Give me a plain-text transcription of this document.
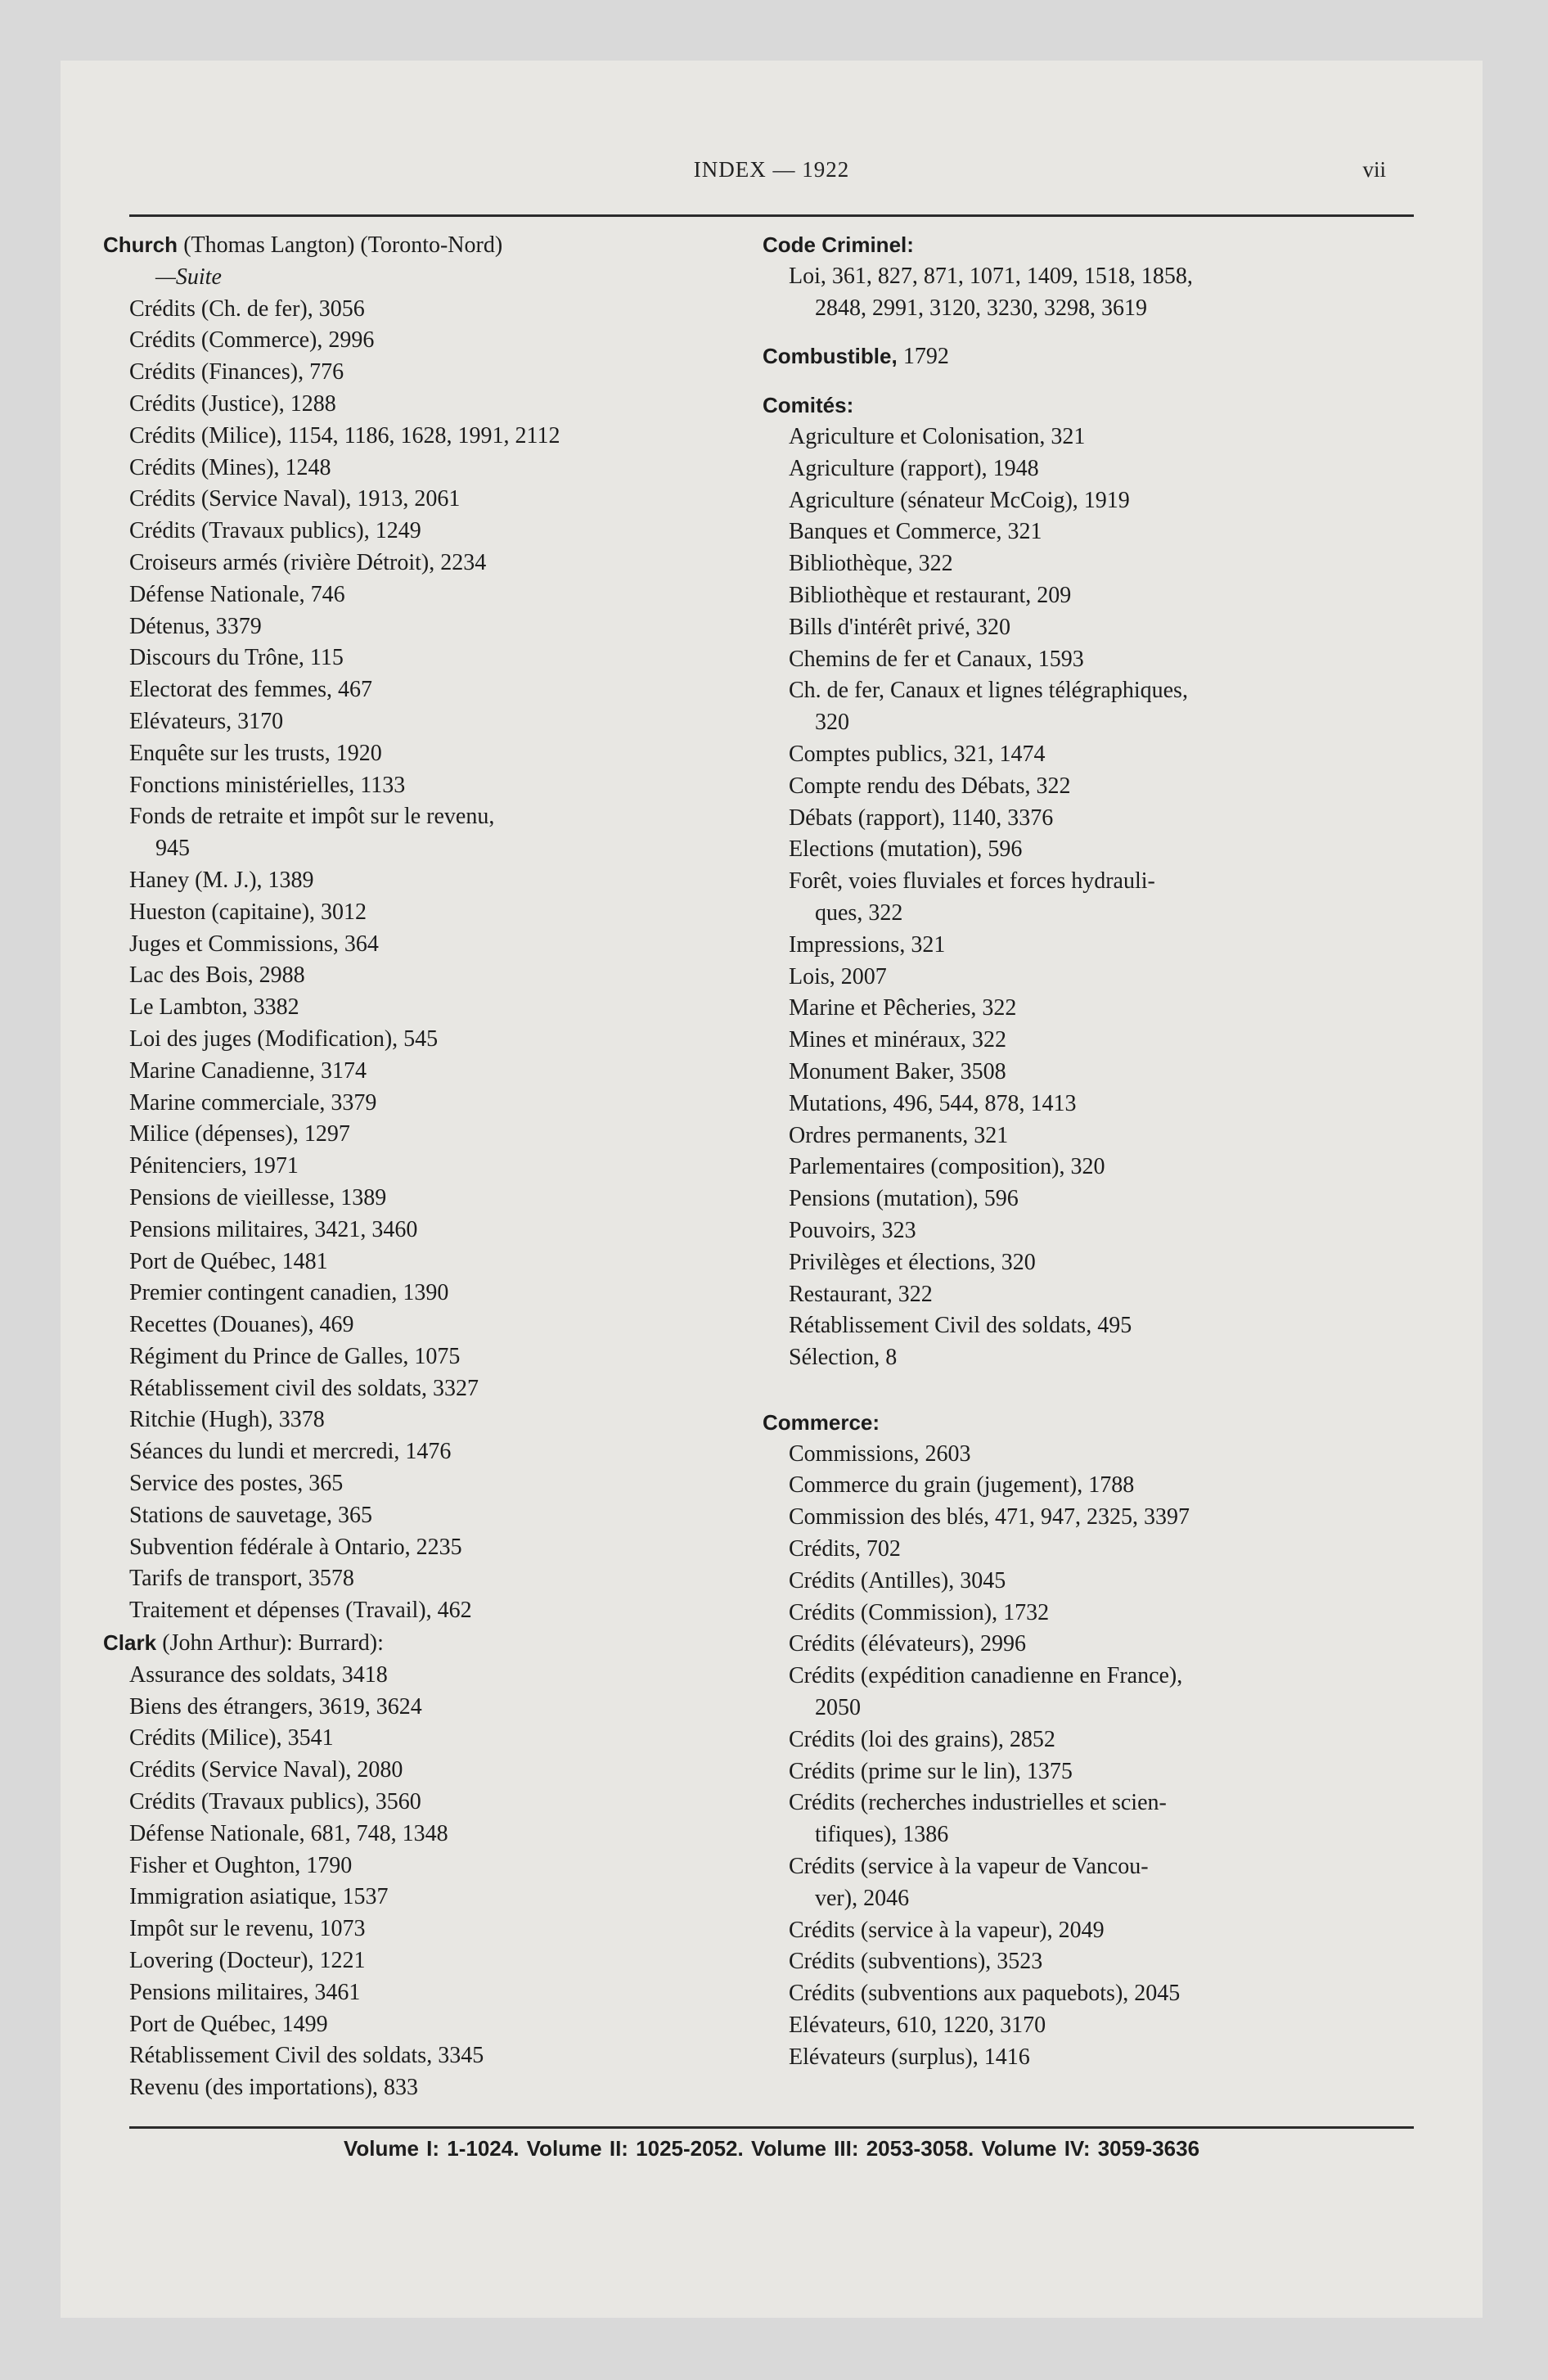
INDEX — 1922	vii
Church (Thomas Langton) (Toronto-Nord)
—Suite
Crédits (Ch. de fer), 3056
Crédits (Commerce), 2996
Crédits (Finances), 776
Crédits (Justice), 1288
Crédits (Milice), 1154, 1186, 1628, 1991, 2112
Crédits (Mines), 1248
Crédits (Service Naval), 1913, 2061
Crédits (Travaux publics), 1249
Croiseurs armés (rivière Détroit), 2234
Défense Nationale, 746
Détenus, 3379
Discours du Trône, 115
Electorat des femmes, 467
Elévateurs, 3170
Enquête sur les trusts, 1920
Fonctions ministérielles, 1133
Fonds de retraite et impôt sur le revenu,
945
Haney (M. J.), 1389
Hueston (capitaine), 3012
Juges et Commissions, 364
Lac des Bois, 2988
Le Lambton, 3382
Loi des juges (Modification), 545
Marine Canadienne, 3174
Marine commerciale, 3379
Milice (dépenses), 1297
Pénitenciers, 1971
Pensions de vieillesse, 1389
Pensions militaires, 3421, 3460
Port de Québec, 1481
Premier contingent canadien, 1390
Recettes (Douanes), 469
Régiment du Prince de Galles, 1075
Rétablissement civil des soldats, 3327
Ritchie (Hugh), 3378
Séances du lundi et mercredi, 1476
Service des postes, 365
Stations de sauvetage, 365
Subvention fédérale à Ontario, 2235
Tarifs de transport, 3578
Traitement et dépenses (Travail), 462
Clark (John Arthur): Burrard):
Assurance des soldats, 3418
Biens des étrangers, 3619, 3624
Crédits (Milice), 3541
Crédits (Service Naval), 2080
Crédits (Travaux publics), 3560
Défense Nationale, 681, 748, 1348
Fisher et Oughton, 1790
Immigration asiatique, 1537
Impôt sur le revenu, 1073
Lovering (Docteur), 1221
Pensions militaires, 3461
Port de Québec, 1499
Rétablissement Civil des soldats, 3345
Revenu (des importations), 833
Code Criminel:
Loi, 361, 827, 871, 1071, 1409, 1518, 1858,
2848, 2991, 3120, 3230, 3298, 3619
Combustible, 1792
Comités:
Agriculture et Colonisation, 321
Agriculture (rapport), 1948
Agriculture (sénateur McCoig), 1919
Banques et Commerce, 321
Bibliothèque, 322
Bibliothèque et restaurant, 209
Bills d'intérêt privé, 320
Chemins de fer et Canaux, 1593
Ch. de fer, Canaux et lignes télégraphiques,
320
Comptes publics, 321, 1474
Compte rendu des Débats, 322
Débats (rapport), 1140, 3376
Elections (mutation), 596
Forêt, voies fluviales et forces hydrauli-
ques, 322
Impressions, 321
Lois, 2007
Marine et Pêcheries, 322
Mines et minéraux, 322
Monument Baker, 3508
Mutations, 496, 544, 878, 1413
Ordres permanents, 321
Parlementaires (composition), 320
Pensions (mutation), 596
Pouvoirs, 323
Privilèges et élections, 320
Restaurant, 322
Rétablissement Civil des soldats, 495
Sélection, 8
Commerce:
Commissions, 2603
Commerce du grain (jugement), 1788
Commission des blés, 471, 947, 2325, 3397
Crédits, 702
Crédits (Antilles), 3045
Crédits (Commission), 1732
Crédits (élévateurs), 2996
Crédits (expédition canadienne en France),
2050
Crédits (loi des grains), 2852
Crédits (prime sur le lin), 1375
Crédits (recherches industrielles et scien-
tifiques), 1386
Crédits (service à la vapeur de Vancou-
ver), 2046
Crédits (service à la vapeur), 2049
Crédits (subventions), 3523
Crédits (subventions aux paquebots), 2045
Elévateurs, 610, 1220, 3170
Elévateurs (surplus), 1416
Volume I: 1-1024. Volume II: 1025-2052. Volume III: 2053-3058. Volume IV: 3059-3636
